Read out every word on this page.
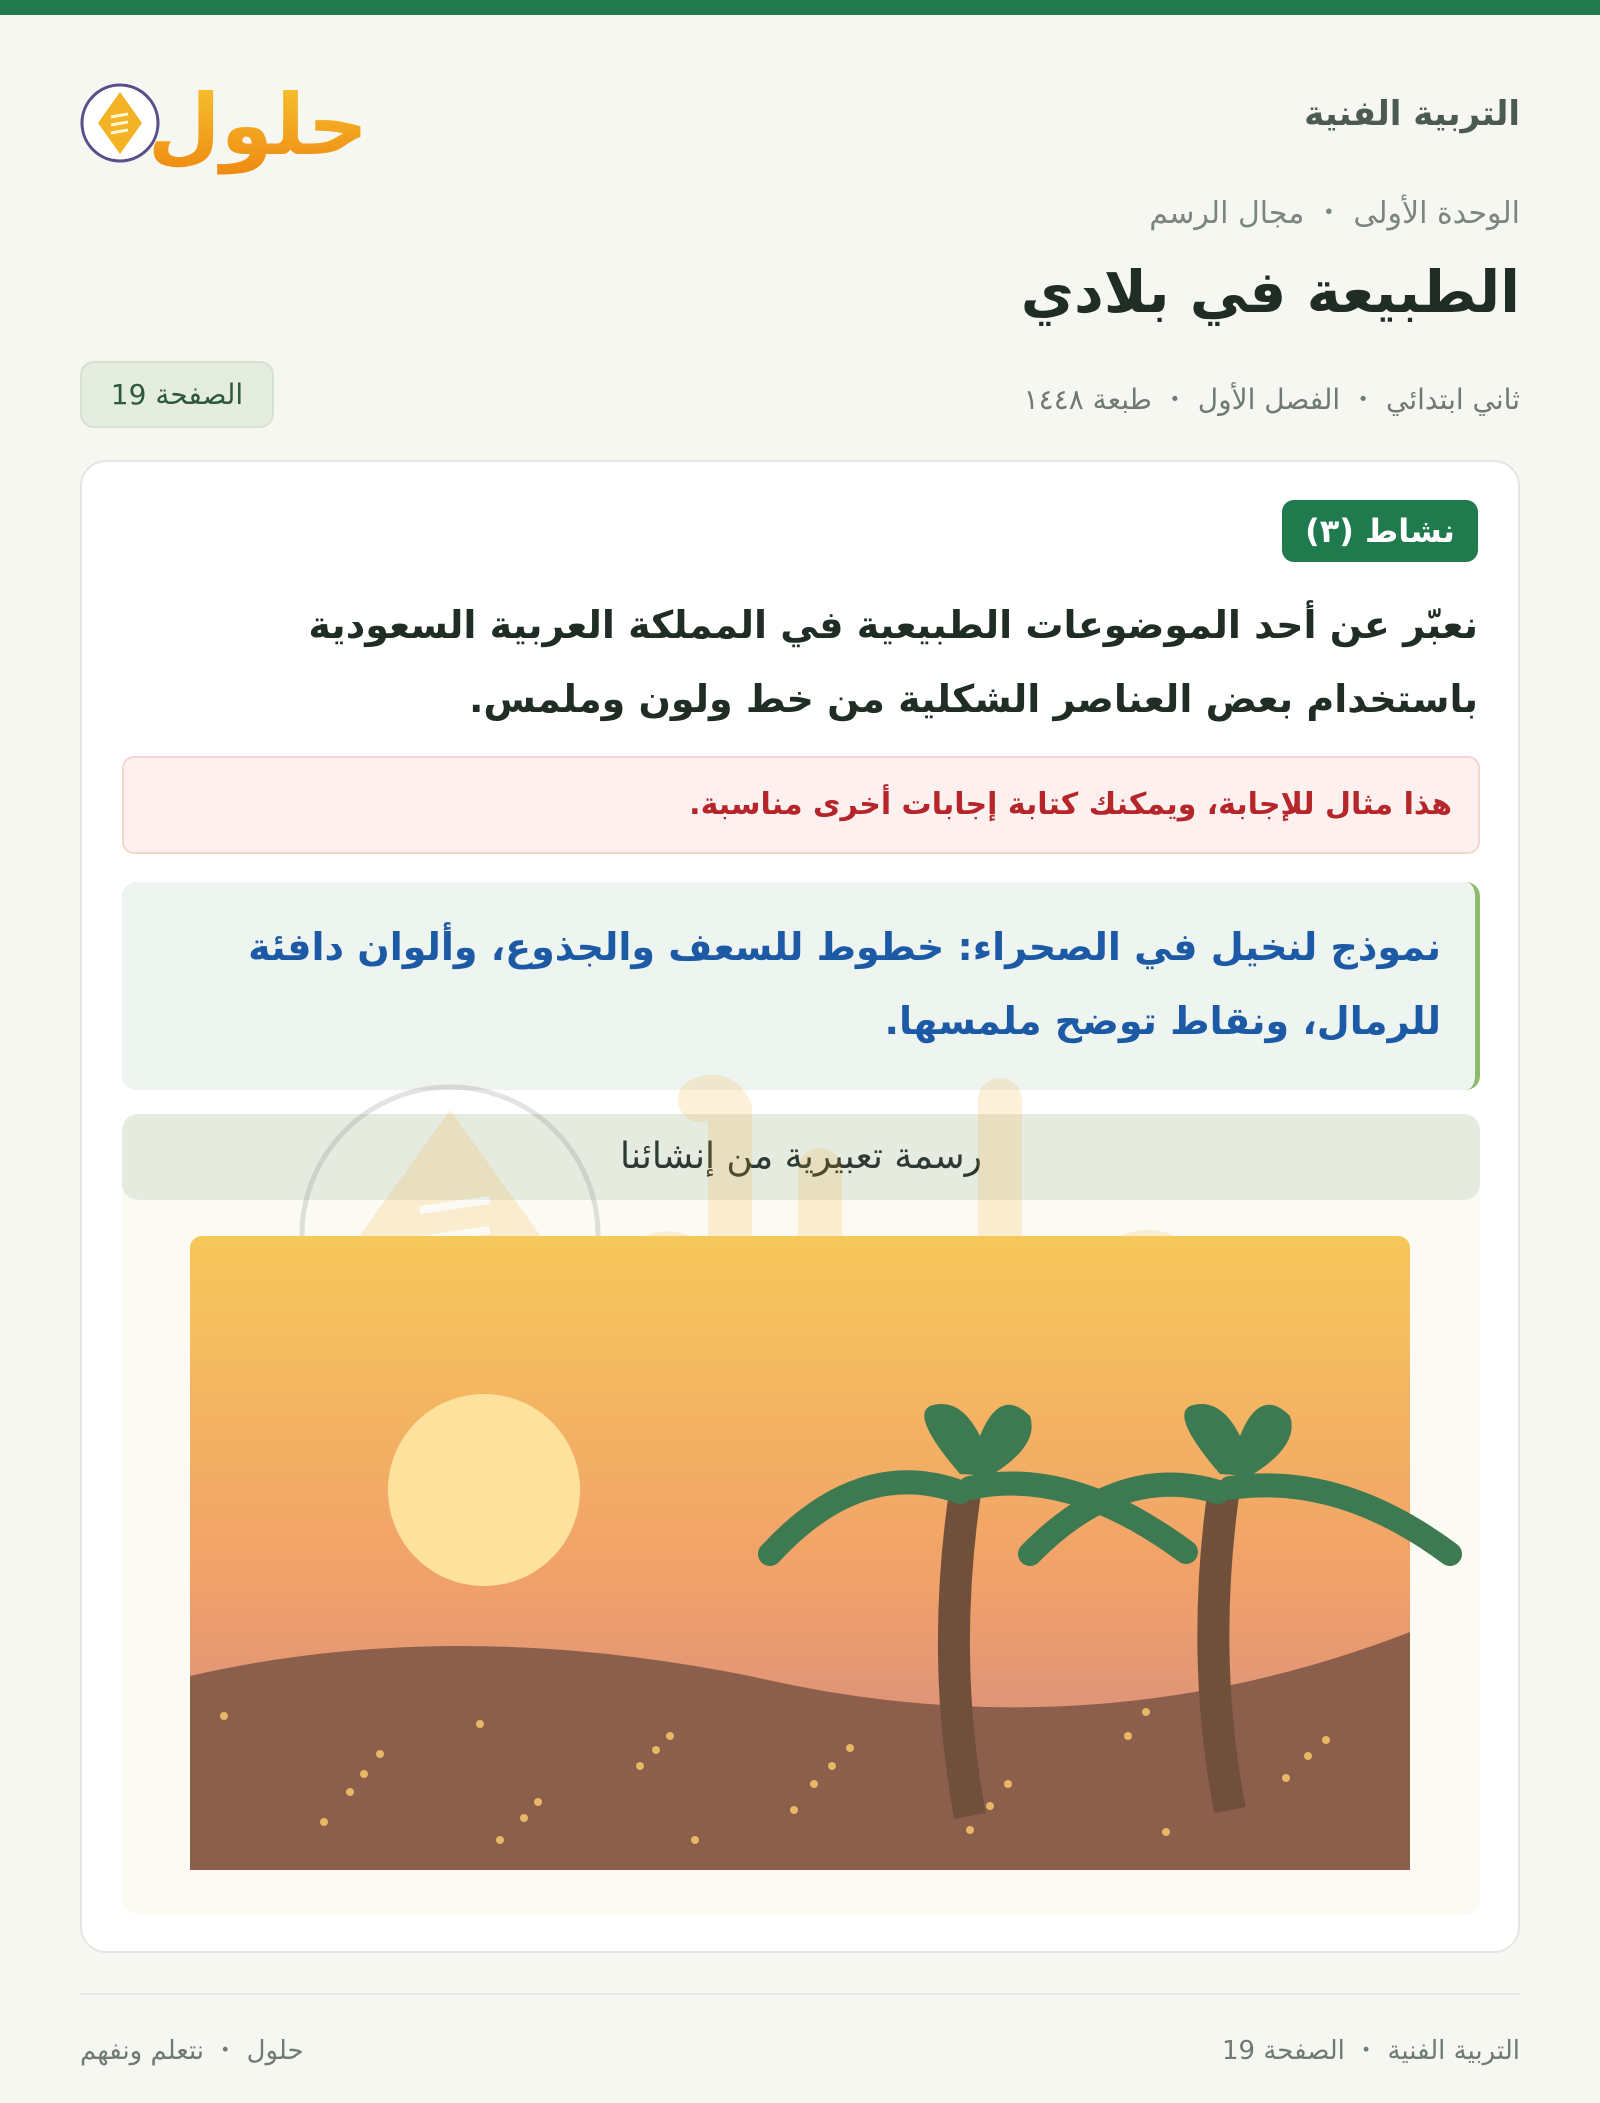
التربية الفنية
حلول
الوحدة الأولى ・ مجال الرسم
الطبيعة في بلادي
ثاني ابتدائي ・ الفصل الأول ・ طبعة ١٤٤٨
الصفحة 19
نشاط (٣)
نعبّر عن أحد الموضوعات الطبيعية في المملكة العربية السعودية باستخدام بعض العناصر الشكلية من خط ولون وملمس.
هذا مثال للإجابة، ويمكنك كتابة إجابات أخرى مناسبة.
نموذج لنخيل في الصحراء: خطوط للسعف والجذوع، وألوان دافئة للرمال، ونقاط توضح ملمسها.
رسمة تعبيرية من إنشائنا
التربية الفنية ・ الصفحة 19
حلول ・ نتعلم ونفهم
